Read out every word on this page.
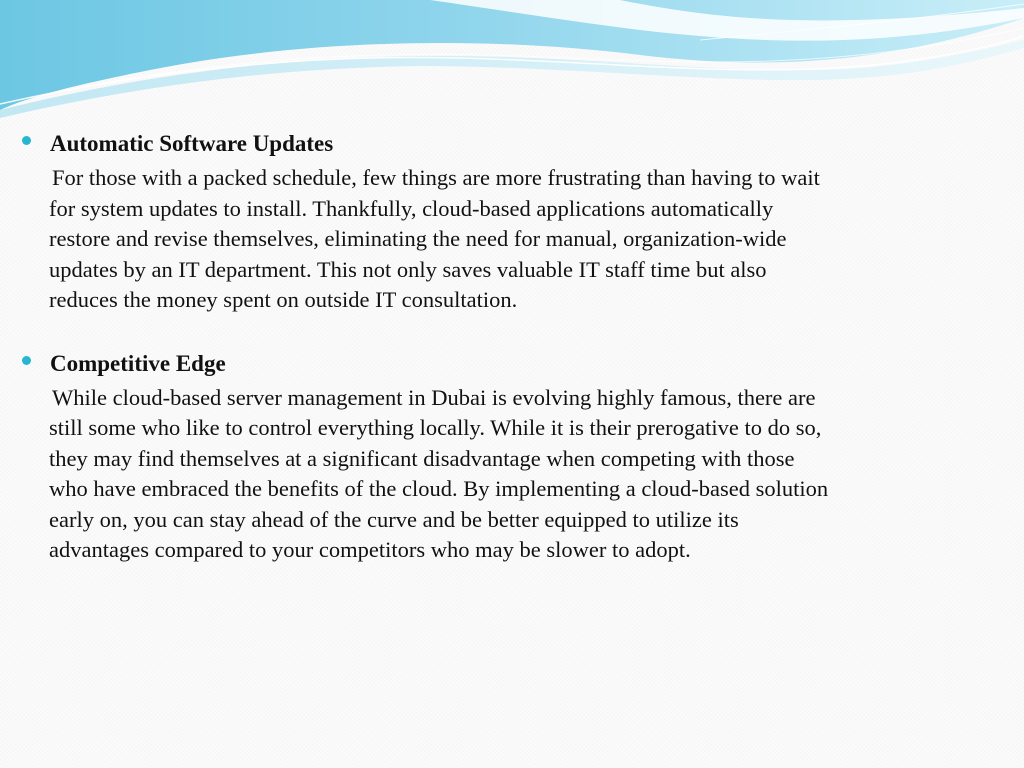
Automatic Software Updates
For those with a packed schedule, few things are more frustrating than having to wait
for system updates to install. Thankfully, cloud-based applications automatically
restore and revise themselves, eliminating the need for manual, organization-wide
updates by an IT department. This not only saves valuable IT staff time but also
reduces the money spent on outside IT consultation.
Competitive Edge
While cloud-based server management in Dubai is evolving highly famous, there are
still some who like to control everything locally. While it is their prerogative to do so,
they may find themselves at a significant disadvantage when competing with those
who have embraced the benefits of the cloud. By implementing a cloud-based solution
early on, you can stay ahead of the curve and be better equipped to utilize its
advantages compared to your competitors who may be slower to adopt.
